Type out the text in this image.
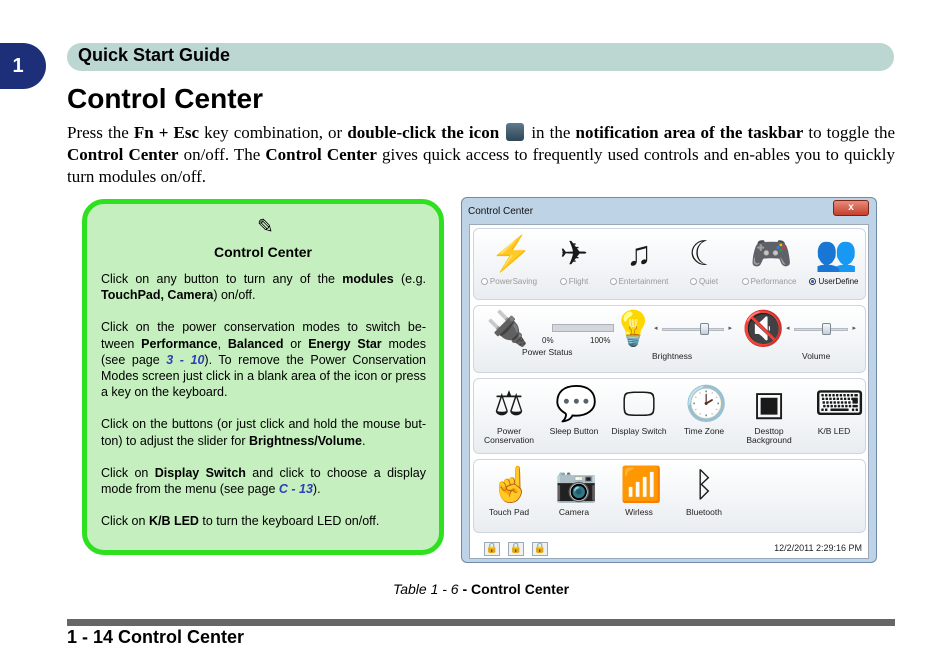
1	Quick Start Guide
Control Center

Press the Fn + Esc key combination, or double-click the icon  in the notification area of the taskbar to toggle the Control Center on/off. The Control Center gives quick access to frequently used controls and en-ables you to quickly turn modules on/off.

✎
Control Center

Click on any button to turn any of the modules (e.g. TouchPad, Camera) on/off.

Click on the power conservation modes to switch be-tween Performance, Balanced or Energy Star modes (see page 3 - 10). To remove the Power Conservation Modes screen just click in a blank area of the icon or press a key on the keyboard.

Click on the buttons (or just click and hold the mouse but-ton) to adjust the slider for Brightness/Volume.

Click on Display Switch and click to choose a display mode from the menu (see page C - 13).

Click on K/B LED to turn the keyboard LED on/off.

Control Center	x
⚡
PowerSaving
✈
Flight
♫
Entertainment
☾
Quiet
🎮
Performance
👥
UserDefine
🔌 0%	100%
Power Status
💡 ◂	▸
Brightness
🔇 ◂	▸
Volume
⚖
Power Conservation
💬
Sleep Button
🖵
Display Switch
🕑
Time Zone
▣
Desttop Background
⌨
K/B LED
☝
Touch Pad
📷
Camera
📶
Wirless
ᛒ
Bluetooth
🔒 🔒 🔒	12/2/2011 2:29:16 PM
Table 1 - 6 - Control Center
1 - 14 Control Center
